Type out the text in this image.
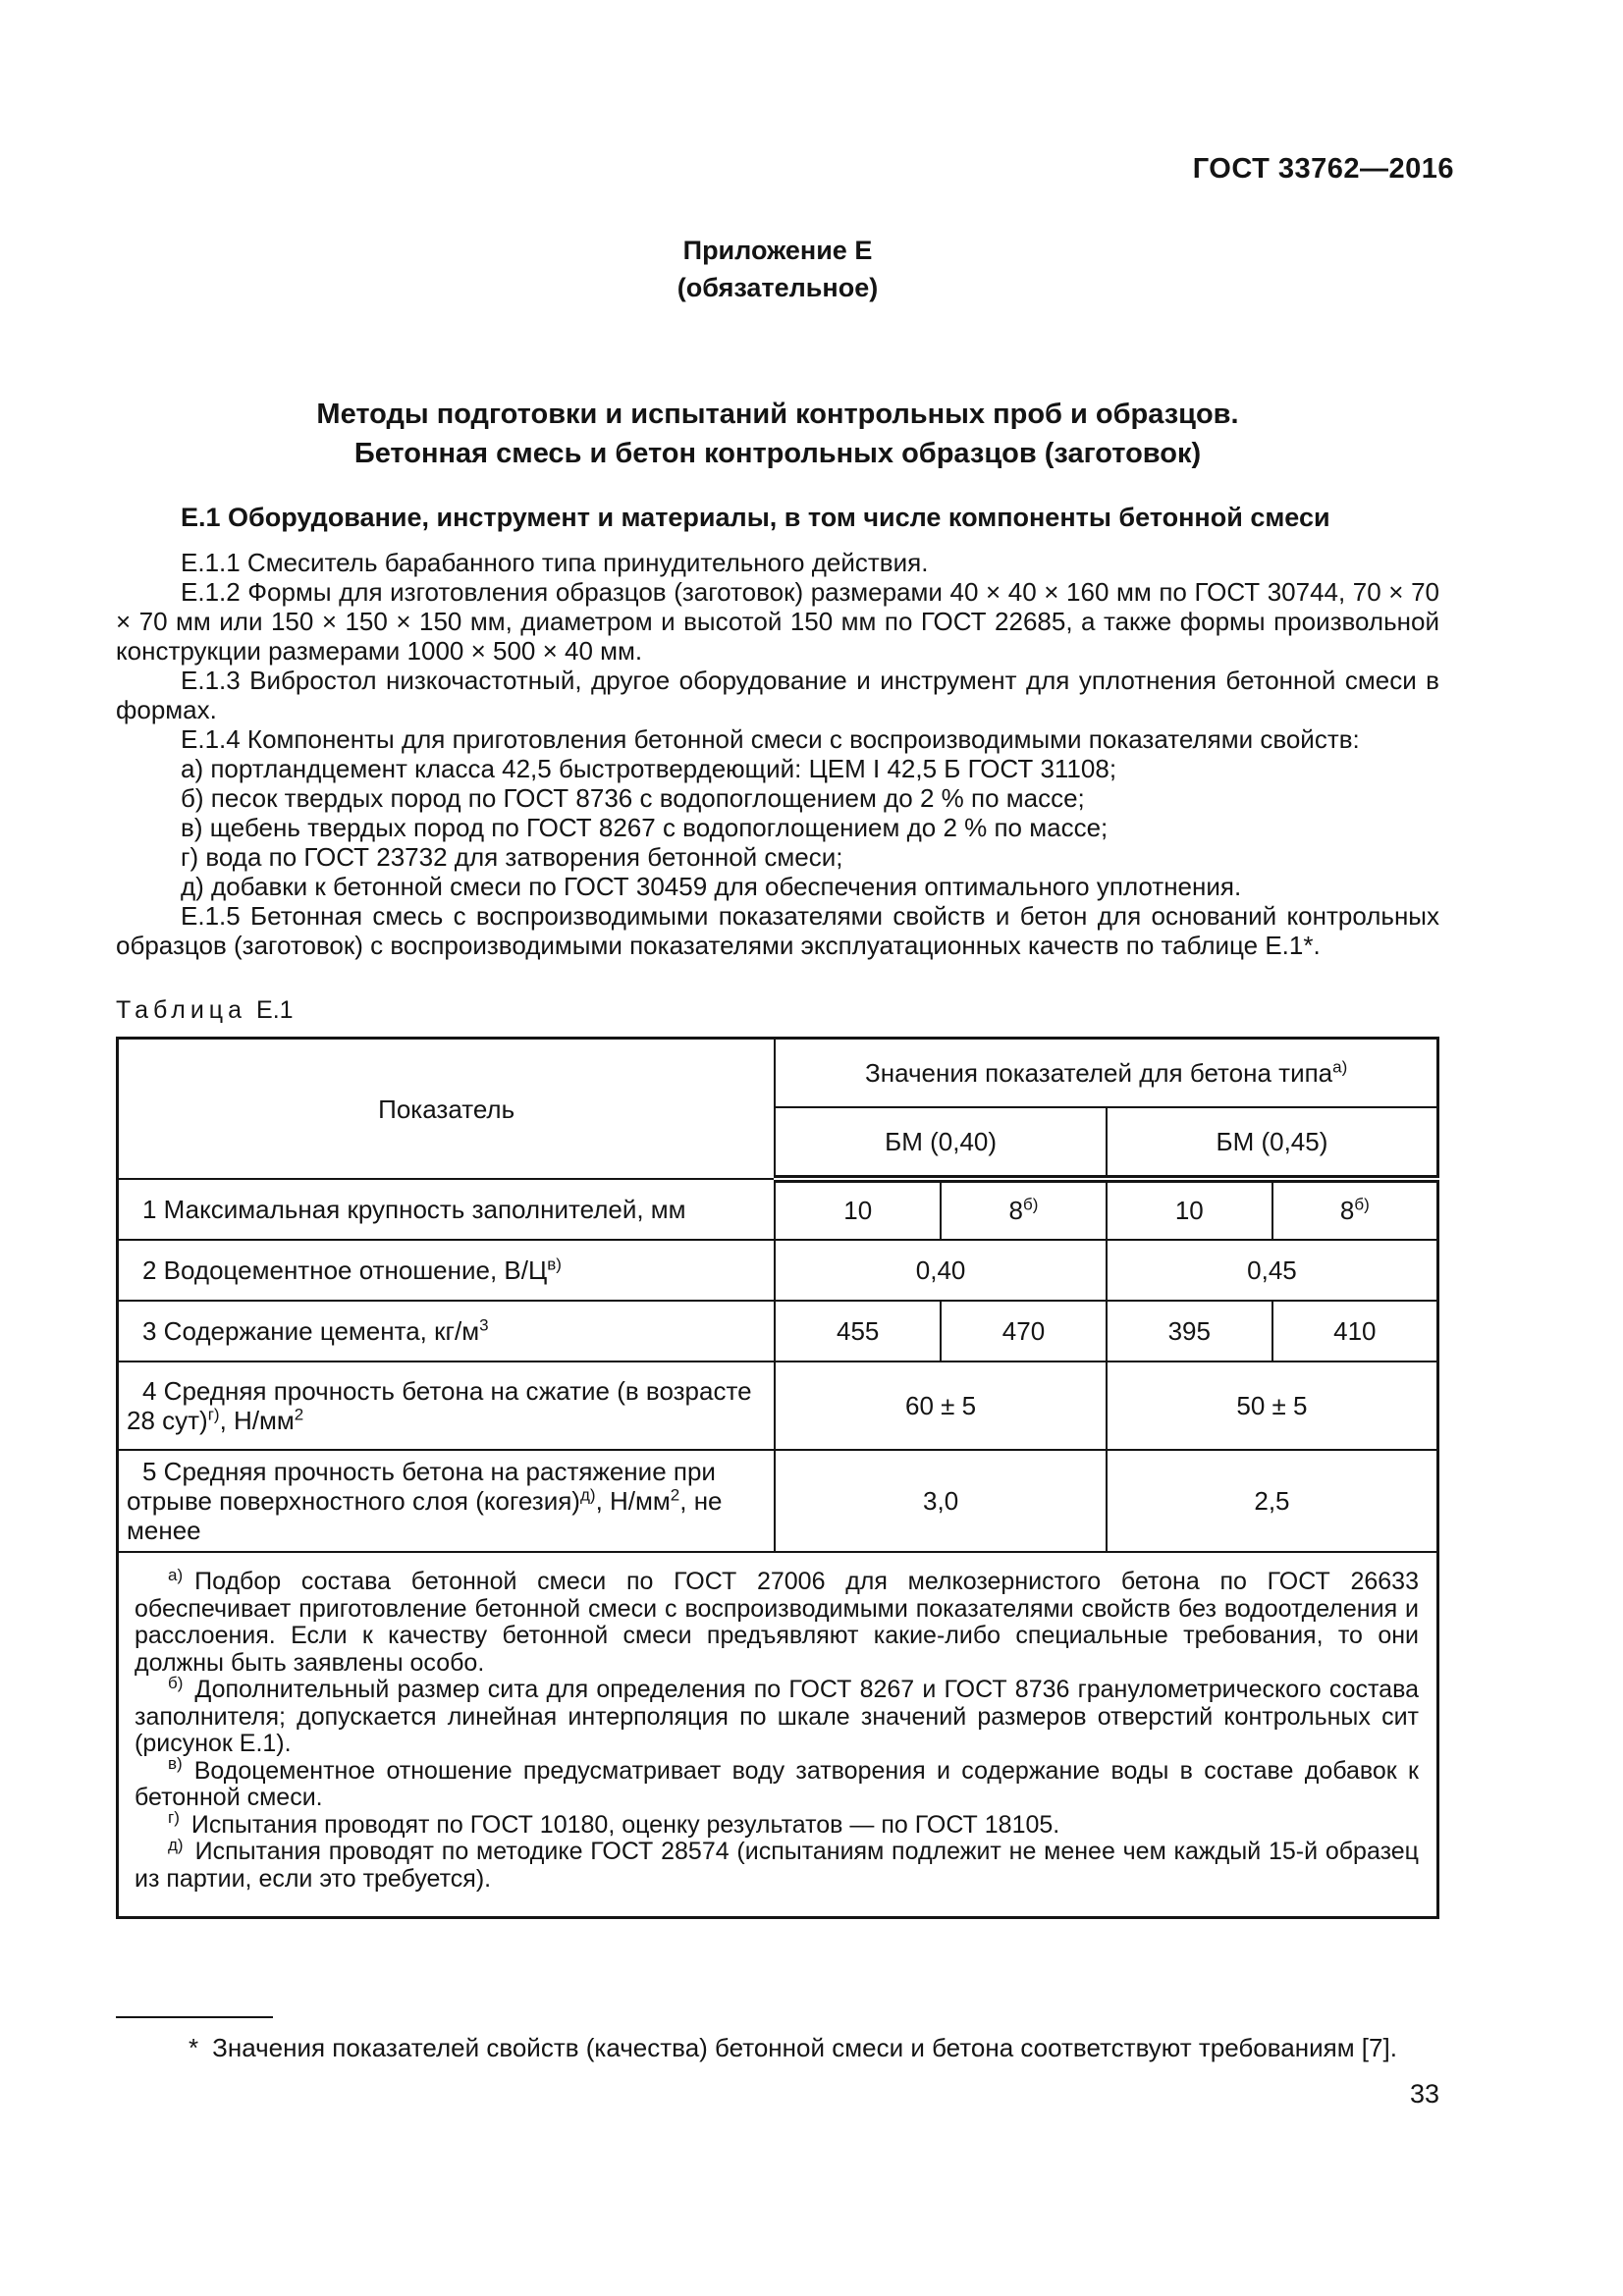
ГОСТ 33762—2016
Приложение Е
(обязательное)
Методы подготовки и испытаний контрольных проб и образцов.
Бетонная смесь и бетон контрольных образцов (заготовок)
Е.1 Оборудование, инструмент и материалы, в том числе компоненты бетонной смеси

Е.1.1 Смеситель барабанного типа принудительного действия.

Е.1.2 Формы для изготовления образцов (заготовок) размерами 40 × 40 × 160 мм по ГОСТ 30744, 70 × 70 × 70 мм или 150 × 150 × 150 мм, диаметром и высотой 150 мм по ГОСТ 22685, а также формы произвольной конструкции размерами 1000 × 500 × 40 мм.

Е.1.3 Вибростол низкочастотный, другое оборудование и инструмент для уплотнения бетонной смеси в формах.

Е.1.4 Компоненты для приготовления бетонной смеси с воспроизводимыми показателями свойств:

а) портландцемент класса 42,5 быстротвердеющий: ЦЕМ I 42,5 Б ГОСТ 31108;

б) песок твердых пород по ГОСТ 8736 с водопоглощением до 2 % по массе;

в) щебень твердых пород по ГОСТ 8267 с водопоглощением до 2 % по массе;

г) вода по ГОСТ 23732 для затворения бетонной смеси;

д) добавки к бетонной смеси по ГОСТ 30459 для обеспечения оптимального уплотнения.

Е.1.5 Бетонная смесь с воспроизводимыми показателями свойств и бетон для оснований контрольных образцов (заготовок) с воспроизводимыми показателями эксплуатационных качеств по таблице Е.1*.

Таблица Е.1

Показатель	Значения показателей для бетона типа$^{а)}$
	БМ (0,40)		БМ (0,45)	
1 Максимальная крупность заполнителей, мм	10	$8^{б)}$	10	$8^{б)}$
2 Водоцементное отношение, $В/Ц^{в)}$	0,40		0,45	
3 Содержание цемента, $кг/м^3$	455	470	395	410
4 Средняя прочность бетона на сжатие (в возрасте 28 сут)$^{г)}$, $Н/мм^2$	60 ± 5		50 ± 5	
5 Средняя прочность бетона на растяжение при отрыве поверхностного слоя (когезия)$^{д)}$, $Н/мм^2$, не менее	3,0		2,5	

$^{а)}$ Подбор состава бетонной смеси по ГОСТ 27006 для мелкозернистого бетона по ГОСТ 26633 обеспечивает приготовление бетонной смеси с воспроизводимыми показателями свойств без водоотделения и расслоения. Если к качеству бетонной смеси предъявляют какие-либо специальные требования, то они должны быть заявлены особо.

$^{б)}$ Дополнительный размер сита для определения по ГОСТ 8267 и ГОСТ 8736 гранулометрического состава заполнителя; допускается линейная интерполяция по шкале значений размеров отверстий контрольных сит (рисунок Е.1).

$^{в)}$ Водоцементное отношение предусматривает воду затворения и содержание воды в составе добавок к бетонной смеси.

$^{г)}$ Испытания проводят по ГОСТ 10180, оценку результатов — по ГОСТ 18105.

$^{д)}$ Испытания проводят по методике ГОСТ 28574 (испытаниям подлежит не менее чем каждый 15-й образец из партии, если это требуется).				

* Значения показателей свойств (качества) бетонной смеси и бетона соответствуют требованиям [7].

33
